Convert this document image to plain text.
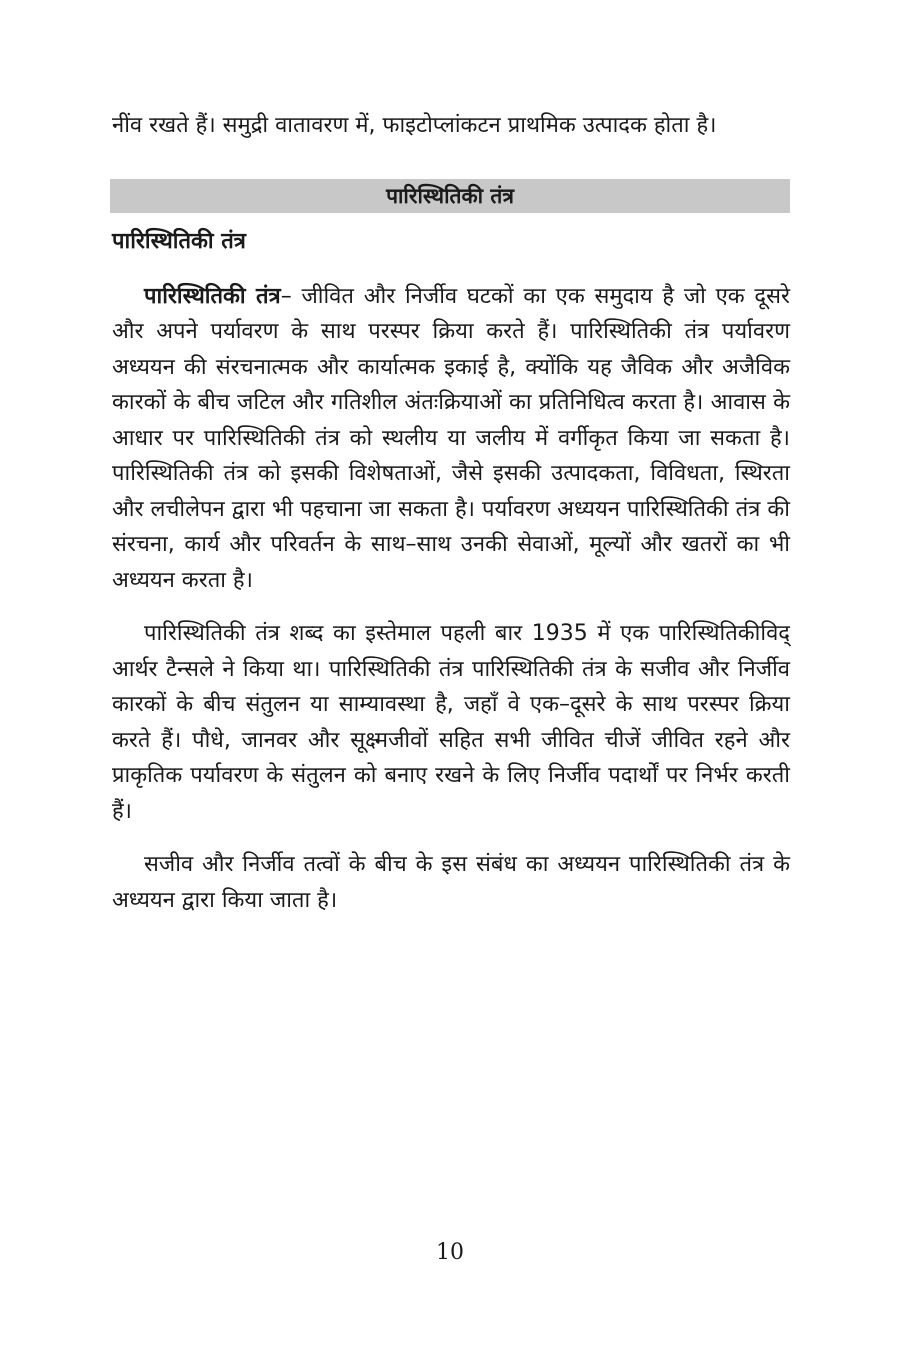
नींव रखते हैं। समुद्री वातावरण में, फाइटोप्लांकटन प्राथमिक उत्पादक होता है।

पारिस्थितिकी तंत्र
पारिस्थितिकी तंत्र

पारिस्थितिकी तंत्र– जीवित और निर्जीव घटकों का एक समुदाय है जो एक दूसरे और अपने पर्यावरण के साथ परस्पर क्रिया करते हैं। पारिस्थितिकी तंत्र पर्यावरण अध्ययन की संरचनात्मक और कार्यात्मक इकाई है, क्योंकि यह जैविक और अजैविक कारकों के बीच जटिल और गतिशील अंतःक्रियाओं का प्रतिनिधित्व करता है। आवास के आधार पर पारिस्थितिकी तंत्र को स्थलीय या जलीय में वर्गीकृत किया जा सकता है। पारिस्थितिकी तंत्र को इसकी विशेषताओं, जैसे इसकी उत्पादकता, विविधता, स्थिरता और लचीलेपन द्वारा भी पहचाना जा सकता है। पर्यावरण अध्ययन पारिस्थितिकी तंत्र की संरचना, कार्य और परिवर्तन के साथ–साथ उनकी सेवाओं, मूल्यों और खतरों का भी अध्ययन करता है।

पारिस्थितिकी तंत्र शब्द का इस्तेमाल पहली बार 1935 में एक पारिस्थितिकीविद् आर्थर टैन्सले ने किया था। पारिस्थितिकी तंत्र पारिस्थितिकी तंत्र के सजीव और निर्जीव कारकों के बीच संतुलन या साम्यावस्था है, जहाँ वे एक–दूसरे के साथ परस्पर क्रिया करते हैं। पौधे, जानवर और सूक्ष्मजीवों सहित सभी जीवित चीजें जीवित रहने और प्राकृतिक पर्यावरण के संतुलन को बनाए रखने के लिए निर्जीव पदार्थों पर निर्भर करती हैं।

सजीव और निर्जीव तत्वों के बीच के इस संबंध का अध्ययन पारिस्थितिकी तंत्र के अध्ययन द्वारा किया जाता है।

10
